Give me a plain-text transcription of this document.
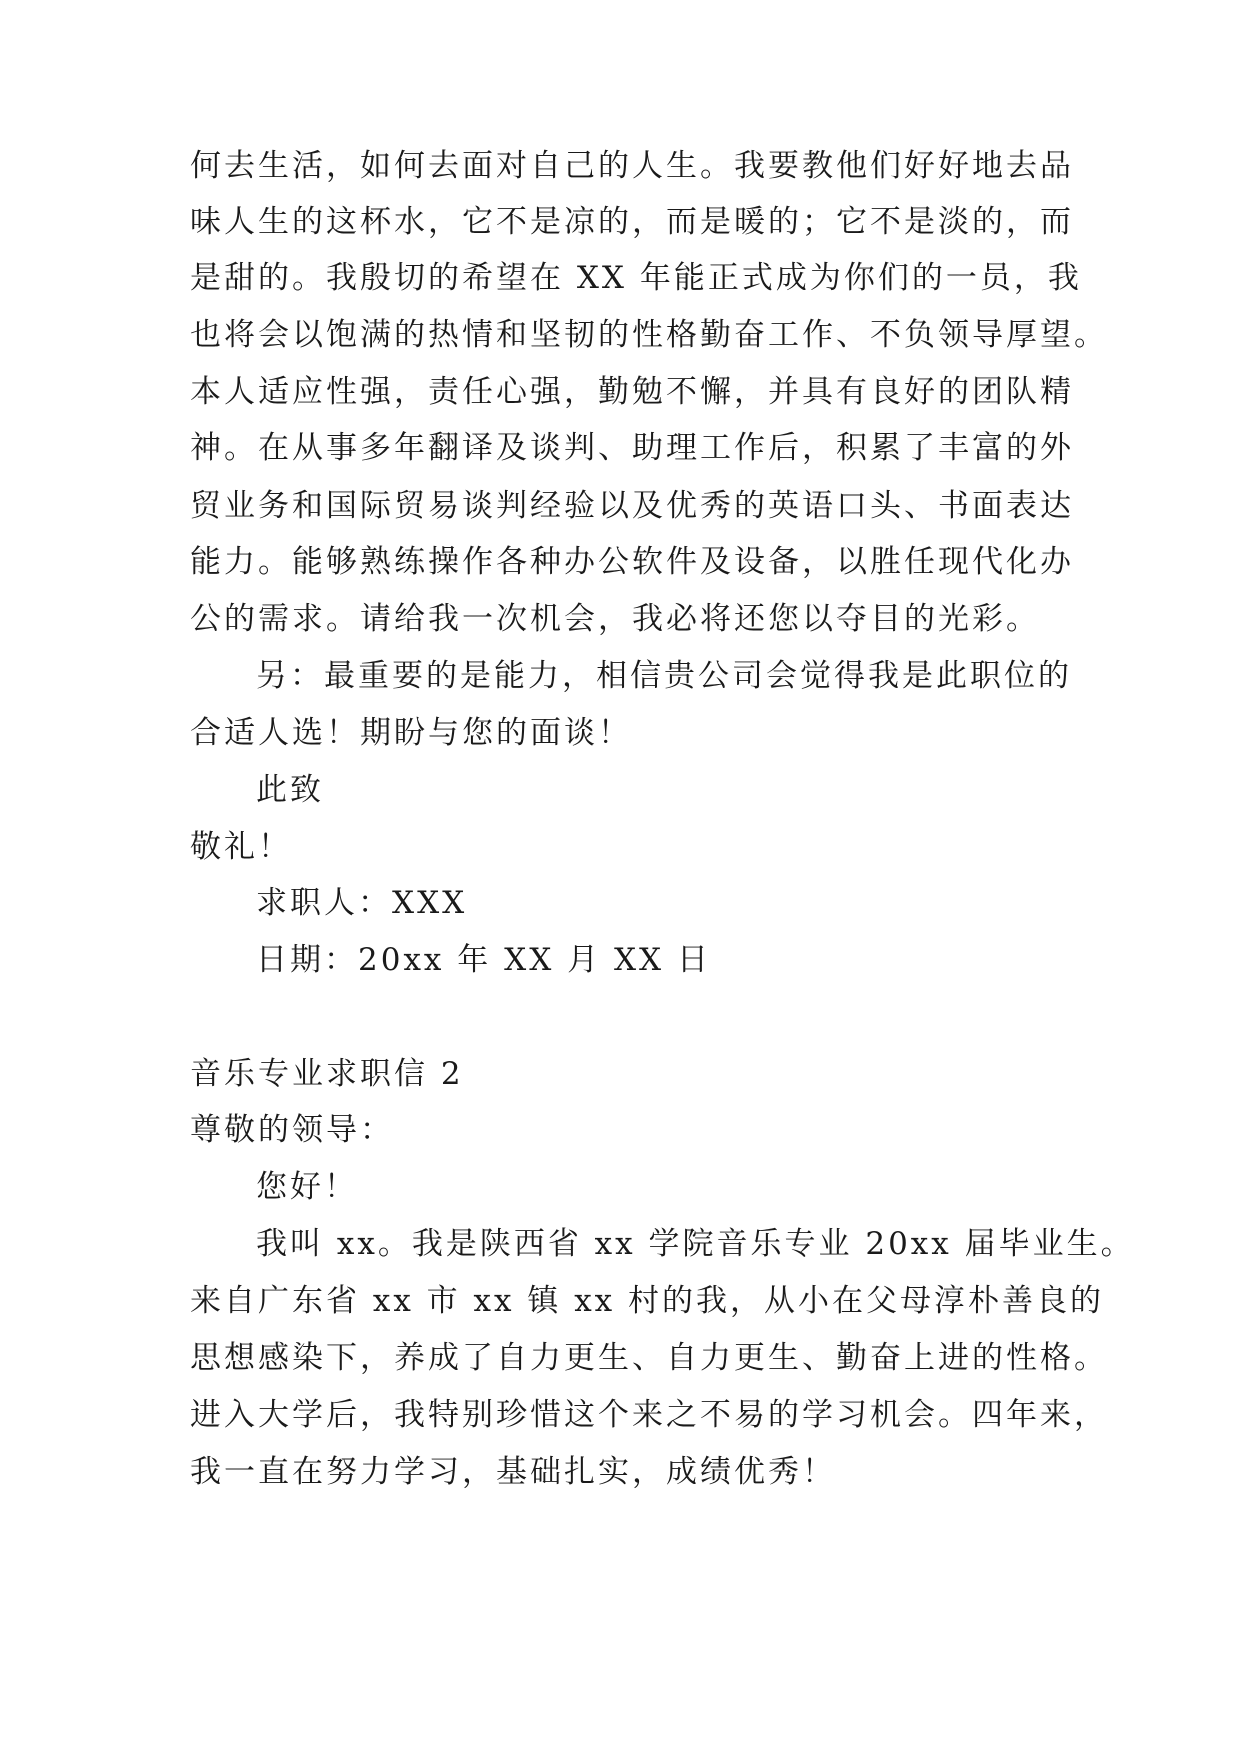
何去生活，如何去面对自己的人生。我要教他们好好地去品
味人生的这杯水，它不是凉的，而是暖的；它不是淡的，而
是甜的。我殷切的希望在 XX 年能正式成为你们的一员，我
也将会以饱满的热情和坚韧的性格勤奋工作、不负领导厚望。
本人适应性强，责任心强，勤勉不懈，并具有良好的团队精
神。在从事多年翻译及谈判、助理工作后，积累了丰富的外
贸业务和国际贸易谈判经验以及优秀的英语口头、书面表达
能力。能够熟练操作各种办公软件及设备，以胜任现代化办
公的需求。请给我一次机会，我必将还您以夺目的光彩。
另：最重要的是能力，相信贵公司会觉得我是此职位的
合适人选！期盼与您的面谈！
此致
敬礼！
求职人：XXX
日期：20xx 年 XX 月 XX 日
音乐专业求职信 2
尊敬的领导：
您好！
我叫 xx。我是陕西省 xx 学院音乐专业 20xx 届毕业生。
来自广东省 xx 市 xx 镇 xx 村的我，从小在父母淳朴善良的
思想感染下，养成了自力更生、自力更生、勤奋上进的性格。
进入大学后，我特别珍惜这个来之不易的学习机会。四年来，
我一直在努力学习，基础扎实，成绩优秀！
